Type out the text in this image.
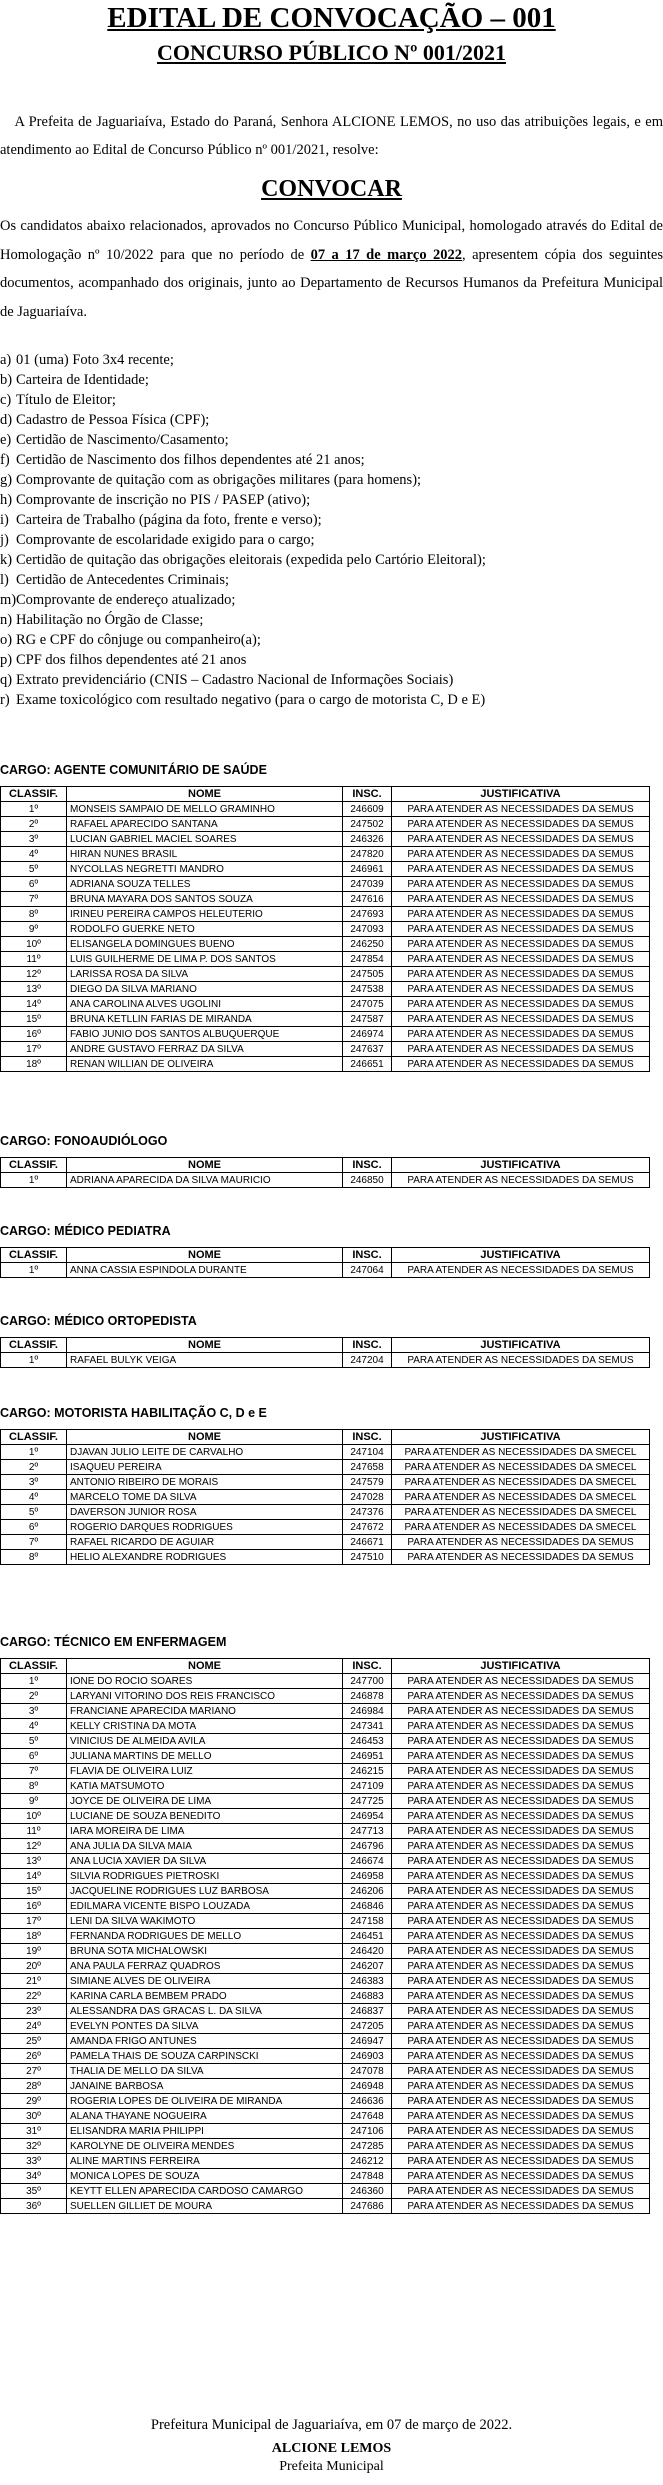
EDITAL DE CONVOCAÇÃO – 001
CONCURSO PÚBLICO Nº 001/2021

 A Prefeita de Jaguariaíva, Estado do Paraná, Senhora ALCIONE LEMOS, no uso das atribuições legais, e em atendimento ao Edital de Concurso Público nº 001/2021, resolve:

CONVOCAR

Os candidatos abaixo relacionados, aprovados no Concurso Público Municipal, homologado através do Edital de Homologação nº 10/2022 para que no período de 07 a 17 de março 2022, apresentem cópia dos seguintes documentos, acompanhado dos originais, junto ao Departamento de Recursos Humanos da Prefeitura Municipal de Jaguariaíva.

a) 01 (uma) Foto 3x4 recente;
b) Carteira de Identidade;
c) Título de Eleitor;
d) Cadastro de Pessoa Física (CPF);
e) Certidão de Nascimento/Casamento;
f) Certidão de Nascimento dos filhos dependentes até 21 anos;
g) Comprovante de quitação com as obrigações militares (para homens);
h) Comprovante de inscrição no PIS / PASEP (ativo);
i) Carteira de Trabalho (página da foto, frente e verso);
j) Comprovante de escolaridade exigido para o cargo;
k) Certidão de quitação das obrigações eleitorais (expedida pelo Cartório Eleitoral);
l) Certidão de Antecedentes Criminais;
m) Comprovante de endereço atualizado;
n) Habilitação no Órgão de Classe;
o) RG e CPF do cônjuge ou companheiro(a);
p) CPF dos filhos dependentes até 21 anos
q) Extrato previdenciário (CNIS – Cadastro Nacional de Informações Sociais)
r) Exame toxicológico com resultado negativo (para o cargo de motorista C, D e E)
CARGO: AGENTE COMUNITÁRIO DE SAÚDE
CLASSIF.	NOME	INSC.	JUSTIFICATIVA
1º	MONSEIS SAMPAIO DE MELLO GRAMINHO	246609	PARA ATENDER AS NECESSIDADES DA SEMUS
2º	RAFAEL APARECIDO SANTANA	247502	PARA ATENDER AS NECESSIDADES DA SEMUS
3º	LUCIAN GABRIEL MACIEL SOARES	246326	PARA ATENDER AS NECESSIDADES DA SEMUS
4º	HIRAN NUNES BRASIL	247820	PARA ATENDER AS NECESSIDADES DA SEMUS
5º	NYCOLLAS NEGRETTI MANDRO	246961	PARA ATENDER AS NECESSIDADES DA SEMUS
6º	ADRIANA SOUZA TELLES	247039	PARA ATENDER AS NECESSIDADES DA SEMUS
7º	BRUNA MAYARA DOS SANTOS SOUZA	247616	PARA ATENDER AS NECESSIDADES DA SEMUS
8º	IRINEU PEREIRA CAMPOS HELEUTERIO	247693	PARA ATENDER AS NECESSIDADES DA SEMUS
9º	RODOLFO GUERKE NETO	247093	PARA ATENDER AS NECESSIDADES DA SEMUS
10º	ELISANGELA DOMINGUES BUENO	246250	PARA ATENDER AS NECESSIDADES DA SEMUS
11º	LUIS GUILHERME DE LIMA P. DOS SANTOS	247854	PARA ATENDER AS NECESSIDADES DA SEMUS
12º	LARISSA ROSA DA SILVA	247505	PARA ATENDER AS NECESSIDADES DA SEMUS
13º	DIEGO DA SILVA MARIANO	247538	PARA ATENDER AS NECESSIDADES DA SEMUS
14º	ANA CAROLINA ALVES UGOLINI	247075	PARA ATENDER AS NECESSIDADES DA SEMUS
15º	BRUNA KETLLIN FARIAS DE MIRANDA	247587	PARA ATENDER AS NECESSIDADES DA SEMUS
16º	FABIO JUNIO DOS SANTOS ALBUQUERQUE	246974	PARA ATENDER AS NECESSIDADES DA SEMUS
17º	ANDRE GUSTAVO FERRAZ DA SILVA	247637	PARA ATENDER AS NECESSIDADES DA SEMUS
18º	RENAN WILLIAN DE OLIVEIRA	246651	PARA ATENDER AS NECESSIDADES DA SEMUS
CARGO: FONOAUDIÓLOGO
CLASSIF.	NOME	INSC.	JUSTIFICATIVA
1º	ADRIANA APARECIDA DA SILVA MAURICIO	246850	PARA ATENDER AS NECESSIDADES DA SEMUS
CARGO: MÉDICO PEDIATRA
CLASSIF.	NOME	INSC.	JUSTIFICATIVA
1º	ANNA CASSIA ESPINDOLA DURANTE	247064	PARA ATENDER AS NECESSIDADES DA SEMUS
CARGO: MÉDICO ORTOPEDISTA
CLASSIF.	NOME	INSC.	JUSTIFICATIVA
1º	RAFAEL BULYK VEIGA	247204	PARA ATENDER AS NECESSIDADES DA SEMUS
CARGO: MOTORISTA HABILITAÇÃO C, D e E
CLASSIF.	NOME	INSC.	JUSTIFICATIVA
1º	DJAVAN JULIO LEITE DE CARVALHO	247104	PARA ATENDER AS NECESSIDADES DA SMECEL
2º	ISAQUEU PEREIRA	247658	PARA ATENDER AS NECESSIDADES DA SMECEL
3º	ANTONIO RIBEIRO DE MORAIS	247579	PARA ATENDER AS NECESSIDADES DA SMECEL
4º	MARCELO TOME DA SILVA	247028	PARA ATENDER AS NECESSIDADES DA SMECEL
5º	DAVERSON JUNIOR ROSA	247376	PARA ATENDER AS NECESSIDADES DA SMECEL
6º	ROGERIO DARQUES RODRIGUES	247672	PARA ATENDER AS NECESSIDADES DA SMECEL
7º	RAFAEL RICARDO DE AGUIAR	246671	PARA ATENDER AS NECESSIDADES DA SEMUS
8º	HELIO ALEXANDRE RODRIGUES	247510	PARA ATENDER AS NECESSIDADES DA SEMUS
CARGO: TÉCNICO EM ENFERMAGEM
CLASSIF.	NOME	INSC.	JUSTIFICATIVA
1º	IONE DO ROCIO SOARES	247700	PARA ATENDER AS NECESSIDADES DA SEMUS
2º	LARYANI VITORINO DOS REIS FRANCISCO	246878	PARA ATENDER AS NECESSIDADES DA SEMUS
3º	FRANCIANE APARECIDA MARIANO	246984	PARA ATENDER AS NECESSIDADES DA SEMUS
4º	KELLY CRISTINA DA MOTA	247341	PARA ATENDER AS NECESSIDADES DA SEMUS
5º	VINICIUS DE ALMEIDA AVILA	246453	PARA ATENDER AS NECESSIDADES DA SEMUS
6º	JULIANA MARTINS DE MELLO	246951	PARA ATENDER AS NECESSIDADES DA SEMUS
7º	FLAVIA DE OLIVEIRA LUIZ	246215	PARA ATENDER AS NECESSIDADES DA SEMUS
8º	KATIA MATSUMOTO	247109	PARA ATENDER AS NECESSIDADES DA SEMUS
9º	JOYCE DE OLIVEIRA DE LIMA	247725	PARA ATENDER AS NECESSIDADES DA SEMUS
10º	LUCIANE DE SOUZA BENEDITO	246954	PARA ATENDER AS NECESSIDADES DA SEMUS
11º	IARA MOREIRA DE LIMA	247713	PARA ATENDER AS NECESSIDADES DA SEMUS
12º	ANA JULIA DA SILVA MAIA	246796	PARA ATENDER AS NECESSIDADES DA SEMUS
13º	ANA LUCIA XAVIER DA SILVA	246674	PARA ATENDER AS NECESSIDADES DA SEMUS
14º	SILVIA RODRIGUES PIETROSKI	246958	PARA ATENDER AS NECESSIDADES DA SEMUS
15º	JACQUELINE RODRIGUES LUZ BARBOSA	246206	PARA ATENDER AS NECESSIDADES DA SEMUS
16º	EDILMARA VICENTE BISPO LOUZADA	246846	PARA ATENDER AS NECESSIDADES DA SEMUS
17º	LENI DA SILVA WAKIMOTO	247158	PARA ATENDER AS NECESSIDADES DA SEMUS
18º	FERNANDA RODRIGUES DE MELLO	246451	PARA ATENDER AS NECESSIDADES DA SEMUS
19º	BRUNA SOTA MICHALOWSKI	246420	PARA ATENDER AS NECESSIDADES DA SEMUS
20º	ANA PAULA FERRAZ QUADROS	246207	PARA ATENDER AS NECESSIDADES DA SEMUS
21º	SIMIANE ALVES DE OLIVEIRA	246383	PARA ATENDER AS NECESSIDADES DA SEMUS
22º	KARINA CARLA BEMBEM PRADO	246883	PARA ATENDER AS NECESSIDADES DA SEMUS
23º	ALESSANDRA DAS GRACAS L. DA SILVA	246837	PARA ATENDER AS NECESSIDADES DA SEMUS
24º	EVELYN PONTES DA SILVA	247205	PARA ATENDER AS NECESSIDADES DA SEMUS
25º	AMANDA FRIGO ANTUNES	246947	PARA ATENDER AS NECESSIDADES DA SEMUS
26º	PAMELA THAIS DE SOUZA CARPINSCKI	246903	PARA ATENDER AS NECESSIDADES DA SEMUS
27º	THALIA DE MELLO DA SILVA	247078	PARA ATENDER AS NECESSIDADES DA SEMUS
28º	JANAINE BARBOSA	246948	PARA ATENDER AS NECESSIDADES DA SEMUS
29º	ROGERIA LOPES DE OLIVEIRA DE MIRANDA	246636	PARA ATENDER AS NECESSIDADES DA SEMUS
30º	ALANA THAYANE NOGUEIRA	247648	PARA ATENDER AS NECESSIDADES DA SEMUS
31º	ELISANDRA MARIA PHILIPPI	247106	PARA ATENDER AS NECESSIDADES DA SEMUS
32º	KAROLYNE DE OLIVEIRA MENDES	247285	PARA ATENDER AS NECESSIDADES DA SEMUS
33º	ALINE MARTINS FERREIRA	246212	PARA ATENDER AS NECESSIDADES DA SEMUS
34º	MONICA LOPES DE SOUZA	247848	PARA ATENDER AS NECESSIDADES DA SEMUS
35º	KEYTT ELLEN APARECIDA CARDOSO CAMARGO	246360	PARA ATENDER AS NECESSIDADES DA SEMUS
36º	SUELLEN GILLIET DE MOURA	247686	PARA ATENDER AS NECESSIDADES DA SEMUS
Prefeitura Municipal de Jaguariaíva, em 07 de março de 2022.
ALCIONE LEMOS
Prefeita Municipal
